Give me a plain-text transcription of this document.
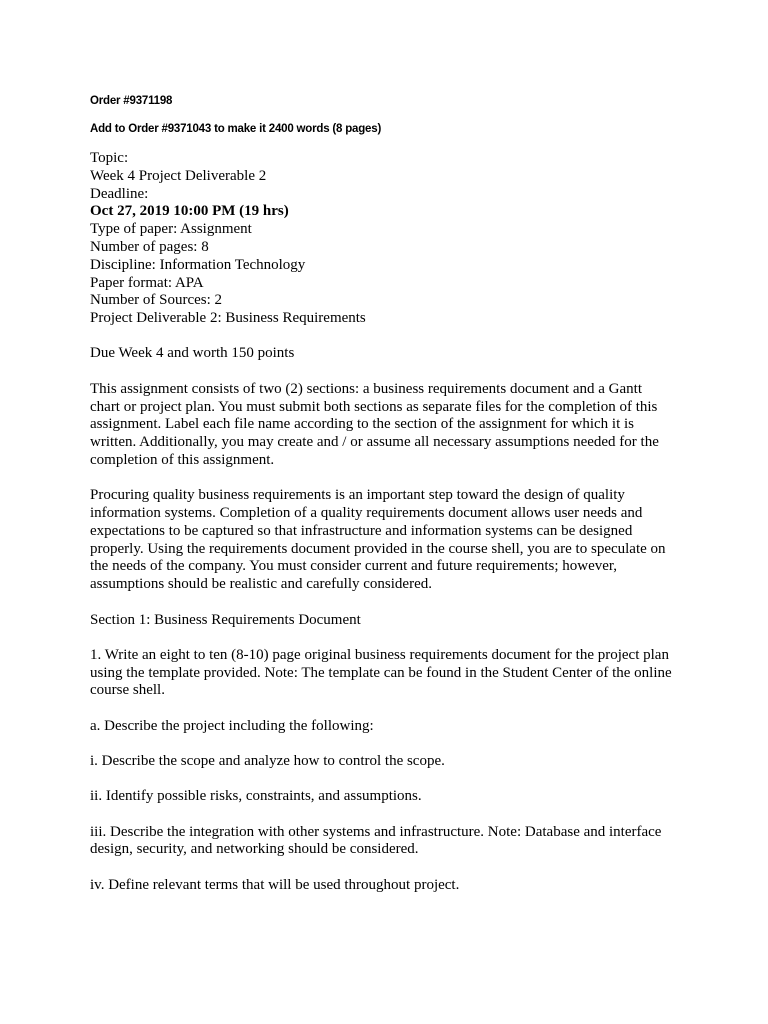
Order #9371198

Add to Order #9371043 to make it 2400 words (8 pages)

Topic:

Week 4 Project Deliverable 2

Deadline:

Oct 27, 2019 10:00 PM (19 hrs)

Type of paper: Assignment

Number of pages: 8

Discipline: Information Technology

Paper format: APA

Number of Sources: 2

Project Deliverable 2: Business Requirements

Due Week 4 and worth 150 points

This assignment consists of two (2) sections: a business requirements document and a Gantt

chart or project plan. You must submit both sections as separate files for the completion of this

assignment. Label each file name according to the section of the assignment for which it is

written. Additionally, you may create and / or assume all necessary assumptions needed for the

completion of this assignment.

Procuring quality business requirements is an important step toward the design of quality

information systems. Completion of a quality requirements document allows user needs and

expectations to be captured so that infrastructure and information systems can be designed

properly. Using the requirements document provided in the course shell, you are to speculate on

the needs of the company. You must consider current and future requirements; however,

assumptions should be realistic and carefully considered.

Section 1: Business Requirements Document

1. Write an eight to ten (8-10) page original business requirements document for the project plan

using the template provided. Note: The template can be found in the Student Center of the online

course shell.

a. Describe the project including the following:

i. Describe the scope and analyze how to control the scope.

ii. Identify possible risks, constraints, and assumptions.

iii. Describe the integration with other systems and infrastructure. Note: Database and interface

design, security, and networking should be considered.

iv. Define relevant terms that will be used throughout project.
